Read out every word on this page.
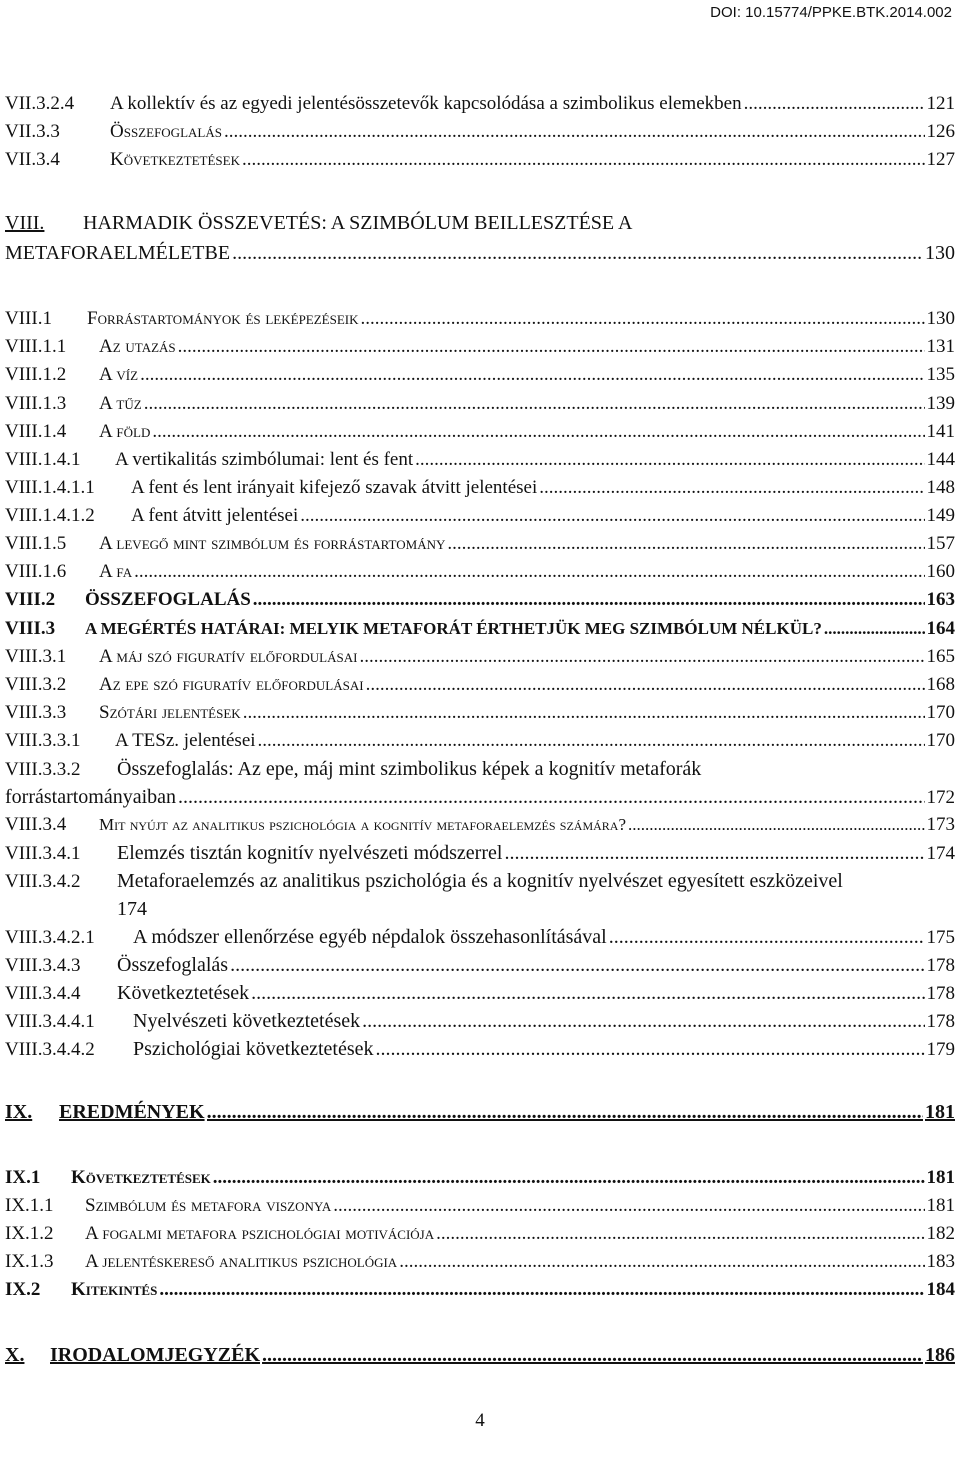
DOI: 10.15774/PPKE.BTK.2014.002
VII.3.2.4	A kollektív és az egyedi jelentésösszetevők kapcsolódása a szimbolikus elemekben .....	121
VII.3.3	Összefoglalás .....	126
VII.3.4	Következtetések .....	127
VIII.	HARMADIK ÖSSZEVETÉS: A SZIMBÓLUM BEILLESZTÉSE A
METAFORAELMÉLETBE .....	130
VIII.1	Forrástartományok és leképezéseik .....	130
VIII.1.1	Az utazás .....	131
VIII.1.2	A víz .....	135
VIII.1.3	A tűz .....	139
VIII.1.4	A föld .....	141
VIII.1.4.1	A vertikalitás szimbólumai: lent és fent .....	144
VIII.1.4.1.1	A fent és lent irányait kifejező szavak átvitt jelentései .....	148
VIII.1.4.1.2	A fent átvitt jelentései .....	149
VIII.1.5	A levegő mint szimbólum és forrástartomány .....	157
VIII.1.6	A fa .....	160
VIII.2	ÖSSZEFOGLALÁS .....	163
VIII.3	A MEGÉRTÉS HATÁRAI: MELYIK METAFORÁT ÉRTHETJÜK MEG SZIMBÓLUM NÉLKÜL? .....	164
VIII.3.1	A máj szó figuratív előfordulásai .....	165
VIII.3.2	Az epe szó figuratív előfordulásai .....	168
VIII.3.3	Szótári jelentések .....	170
VIII.3.3.1	A TESz. jelentései .....	170
VIII.3.3.2	Összefoglalás: Az epe, máj mint szimbolikus képek a kognitív metaforák
forrástartományaiban .....	172
VIII.3.4	Mit nyújt az analitikus pszichológia a kognitív metaforaelemzés számára? .....	173
VIII.3.4.1	Elemzés tisztán kognitív nyelvészeti módszerrel .....	174
VIII.3.4.2	Metaforaelemzés az analitikus pszichológia és a kognitív nyelvészet egyesített eszközeivel
174
VIII.3.4.2.1	A módszer ellenőrzése egyéb népdalok összehasonlításával .....	175
VIII.3.4.3	Összefoglalás .....	178
VIII.3.4.4	Következtetések .....	178
VIII.3.4.4.1	Nyelvészeti következtetések .....	178
VIII.3.4.4.2	Pszichológiai következtetések .....	179
IX.	EREDMÉNYEK .....	181
IX.1	Következtetések .....	181
IX.1.1	Szimbólum és metafora viszonya .....	181
IX.1.2	A fogalmi metafora pszichológiai motivációja .....	182
IX.1.3	A jelentéskereső analitikus pszichológia .....	183
IX.2	Kitekintés .....	184
X.	IRODALOMJEGYZÉK .....	186
4
